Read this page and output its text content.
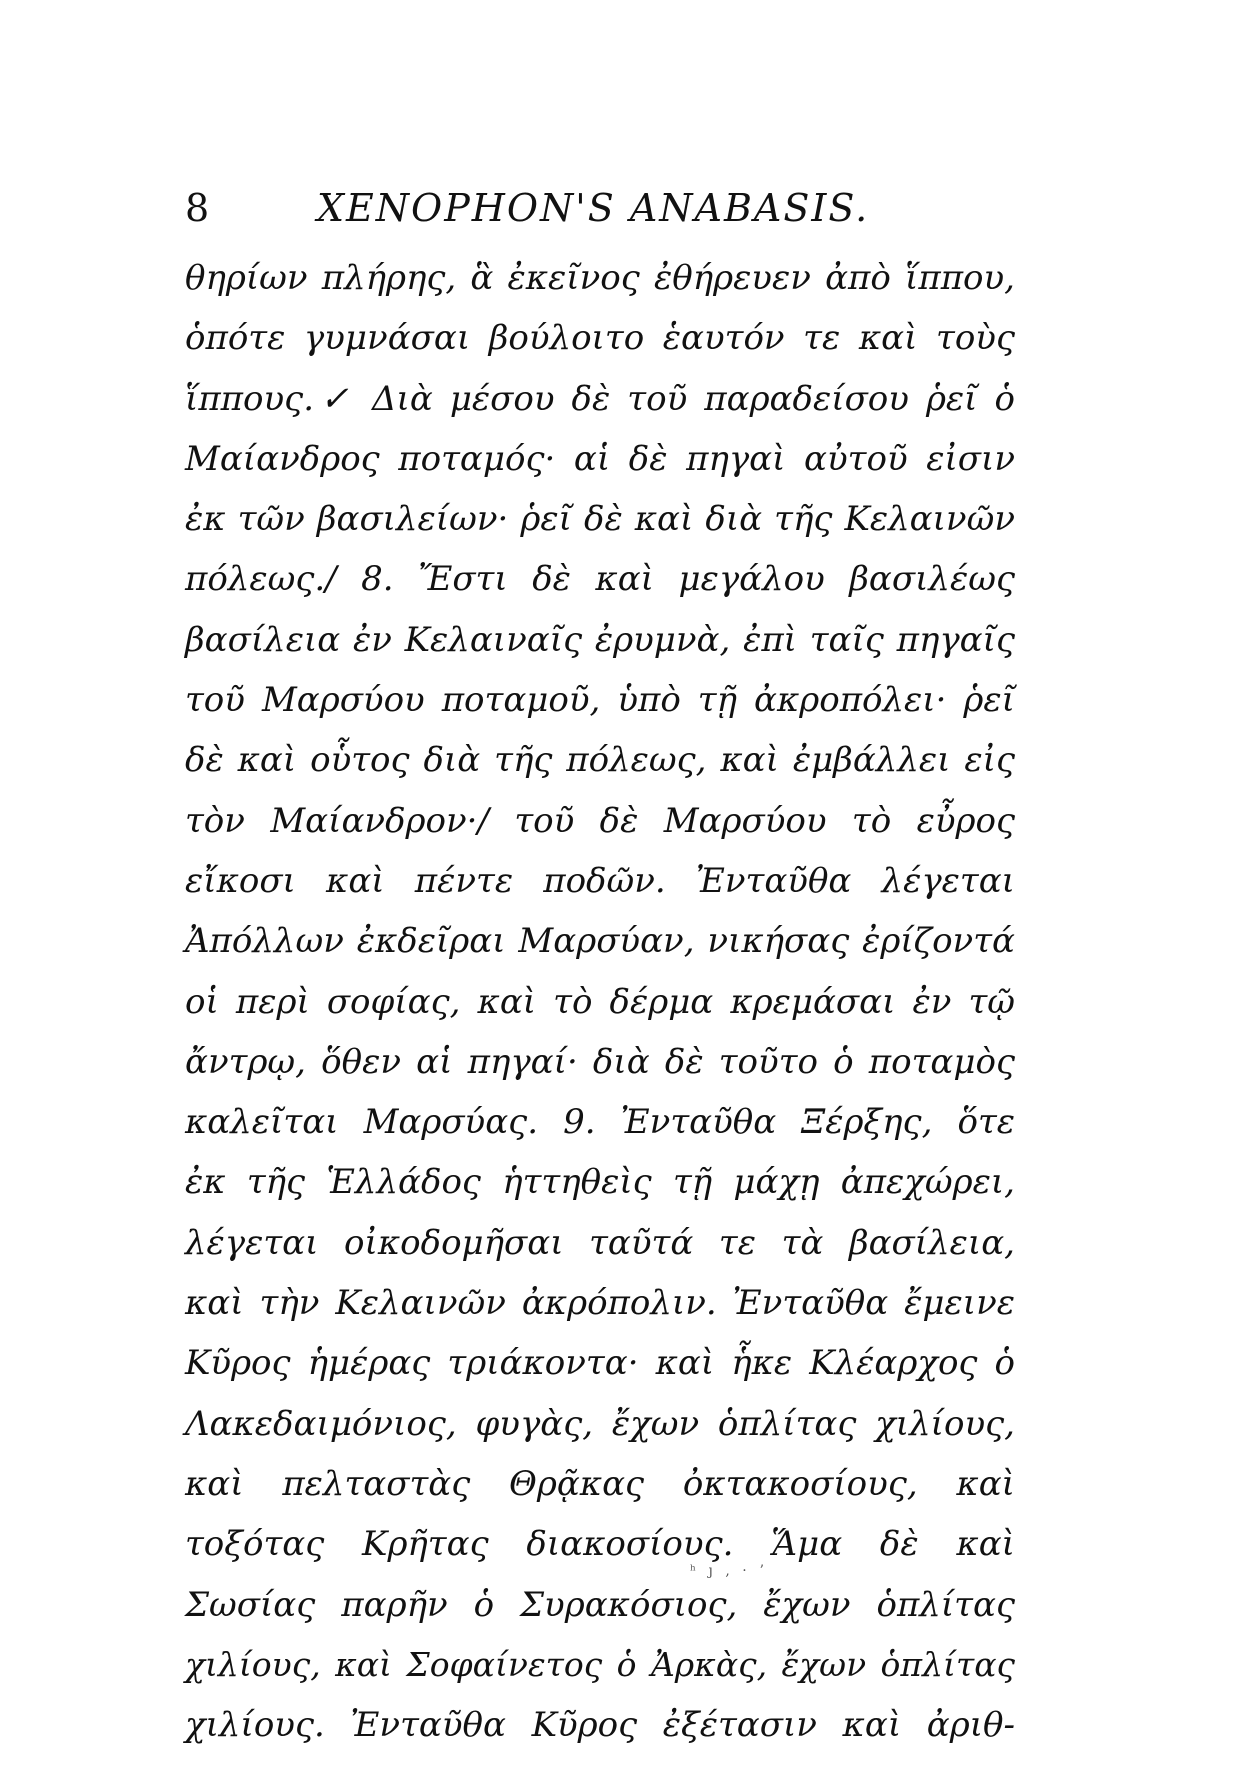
8	XENOPHON'S ANABASIS.
θηρίων πλήρης, ἃ ἐκεῖνος ἐθήρευεν ἀπὸ ἵππου,
ὁπότε γυμνάσαι βούλοιτο ἑαυτόν τε καὶ τοὺς
ἵππους.✓ Διὰ μέσου δὲ τοῦ παραδείσου ῥεῖ ὁ
Μαίανδρος ποταμός· αἱ δὲ πηγαὶ αὐτοῦ εἰσιν
ἐκ τῶν βασιλείων· ῥεῖ δὲ καὶ διὰ τῆς Κελαινῶν
πόλεως./ 8. Ἔστι δὲ καὶ μεγάλου βασιλέως
βασίλεια ἐν Κελαιναῖς ἐρυμνὰ, ἐπὶ ταῖς πηγαῖς
τοῦ Μαρσύου ποταμοῦ, ὑπὸ τῇ ἀκροπόλει· ῥεῖ
δὲ καὶ οὗτος διὰ τῆς πόλεως, καὶ ἐμβάλλει εἰς
τὸν Μαίανδρον·/ τοῦ δὲ Μαρσύου τὸ εὖρος
εἴκοσι καὶ πέντε ποδῶν. Ἐνταῦθα λέγεται
Ἀπόλλων ἐκδεῖραι Μαρσύαν, νικήσας ἐρίζοντά
οἱ περὶ σοφίας, καὶ τὸ δέρμα κρεμάσαι ἐν τῷ
ἄντρῳ, ὅθεν αἱ πηγαί· διὰ δὲ τοῦτο ὁ ποταμὸς
καλεῖται Μαρσύας. 9. Ἐνταῦθα Ξέρξης, ὅτε
ἐκ τῆς Ἑλλάδος ἡττηθεὶς τῇ μάχῃ ἀπεχώρει,
λέγεται οἰκοδομῆσαι ταῦτά τε τὰ βασίλεια,
καὶ τὴν Κελαινῶν ἀκρόπολιν. Ἐνταῦθα ἔμεινε
Κῦρος ἡμέρας τριάκοντα· καὶ ἧκε Κλέαρχος ὁ
Λακεδαιμόνιος, φυγὰς, ἔχων ὁπλίτας χιλίους,
καὶ πελταστὰς Θρᾷκας ὀκτακοσίους, καὶ
τοξότας Κρῆτας διακοσίους. Ἅμα δὲ καὶ
Σωσίας παρῆν ὁ Συρακόσιος, ἔχων ὁπλίτας
χιλίους, καὶ Σοφαίνετος ὁ Ἀρκὰς, ἔχων ὁπλίτας
χιλίους. Ἐνταῦθα Κῦρος ἐξέτασιν καὶ ἀριθ-
ʰ ȷ ‚ · ʼ
